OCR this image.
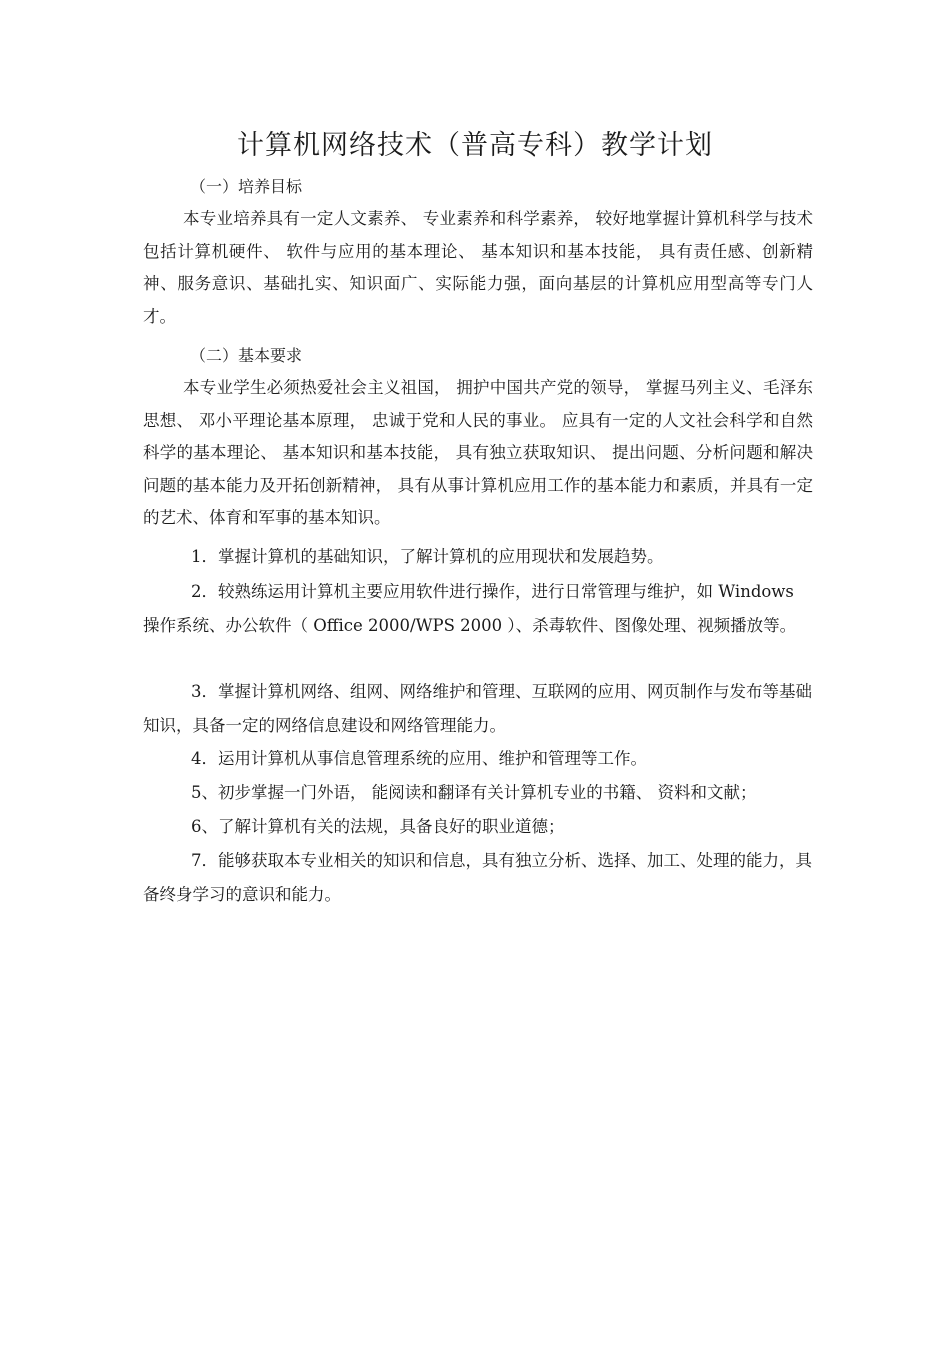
计算机网络技术（普高专科）教学计划
（一）培养目标
本专业培养具有一定人文素养、 专业素养和科学素养， 较好地掌握计算机科学与技术包括计算机硬件、 软件与应用的基本理论、 基本知识和基本技能， 具有责任感、创新精神、服务意识、基础扎实、知识面广、实际能力强，面向基层的计算机应用型高等专门人才。
（二）基本要求
本专业学生必须热爱社会主义祖国， 拥护中国共产党的领导， 掌握马列主义、毛泽东思想、 邓小平理论基本原理， 忠诚于党和人民的事业。 应具有一定的人文社会科学和自然科学的基本理论、 基本知识和基本技能， 具有独立获取知识、 提出问题、分析问题和解决问题的基本能力及开拓创新精神， 具有从事计算机应用工作的基本能力和素质，并具有一定的艺术、体育和军事的基本知识。
1．掌握计算机的基础知识，了解计算机的应用现状和发展趋势。
2．较熟练运用计算机主要应用软件进行操作，进行日常管理与维护，如 Windows 操作系统、办公软件（ Office 2000/WPS 2000 ）、杀毒软件、图像处理、视频播放等。
3．掌握计算机网络、组网、网络维护和管理、互联网的应用、网页制作与发布等基础知识，具备一定的网络信息建设和网络管理能力。
4．运用计算机从事信息管理系统的应用、维护和管理等工作。
5、初步掌握一门外语， 能阅读和翻译有关计算机专业的书籍、 资料和文献；
6、了解计算机有关的法规，具备良好的职业道德；
7．能够获取本专业相关的知识和信息，具有独立分析、选择、加工、处理的能力，具备终身学习的意识和能力。
